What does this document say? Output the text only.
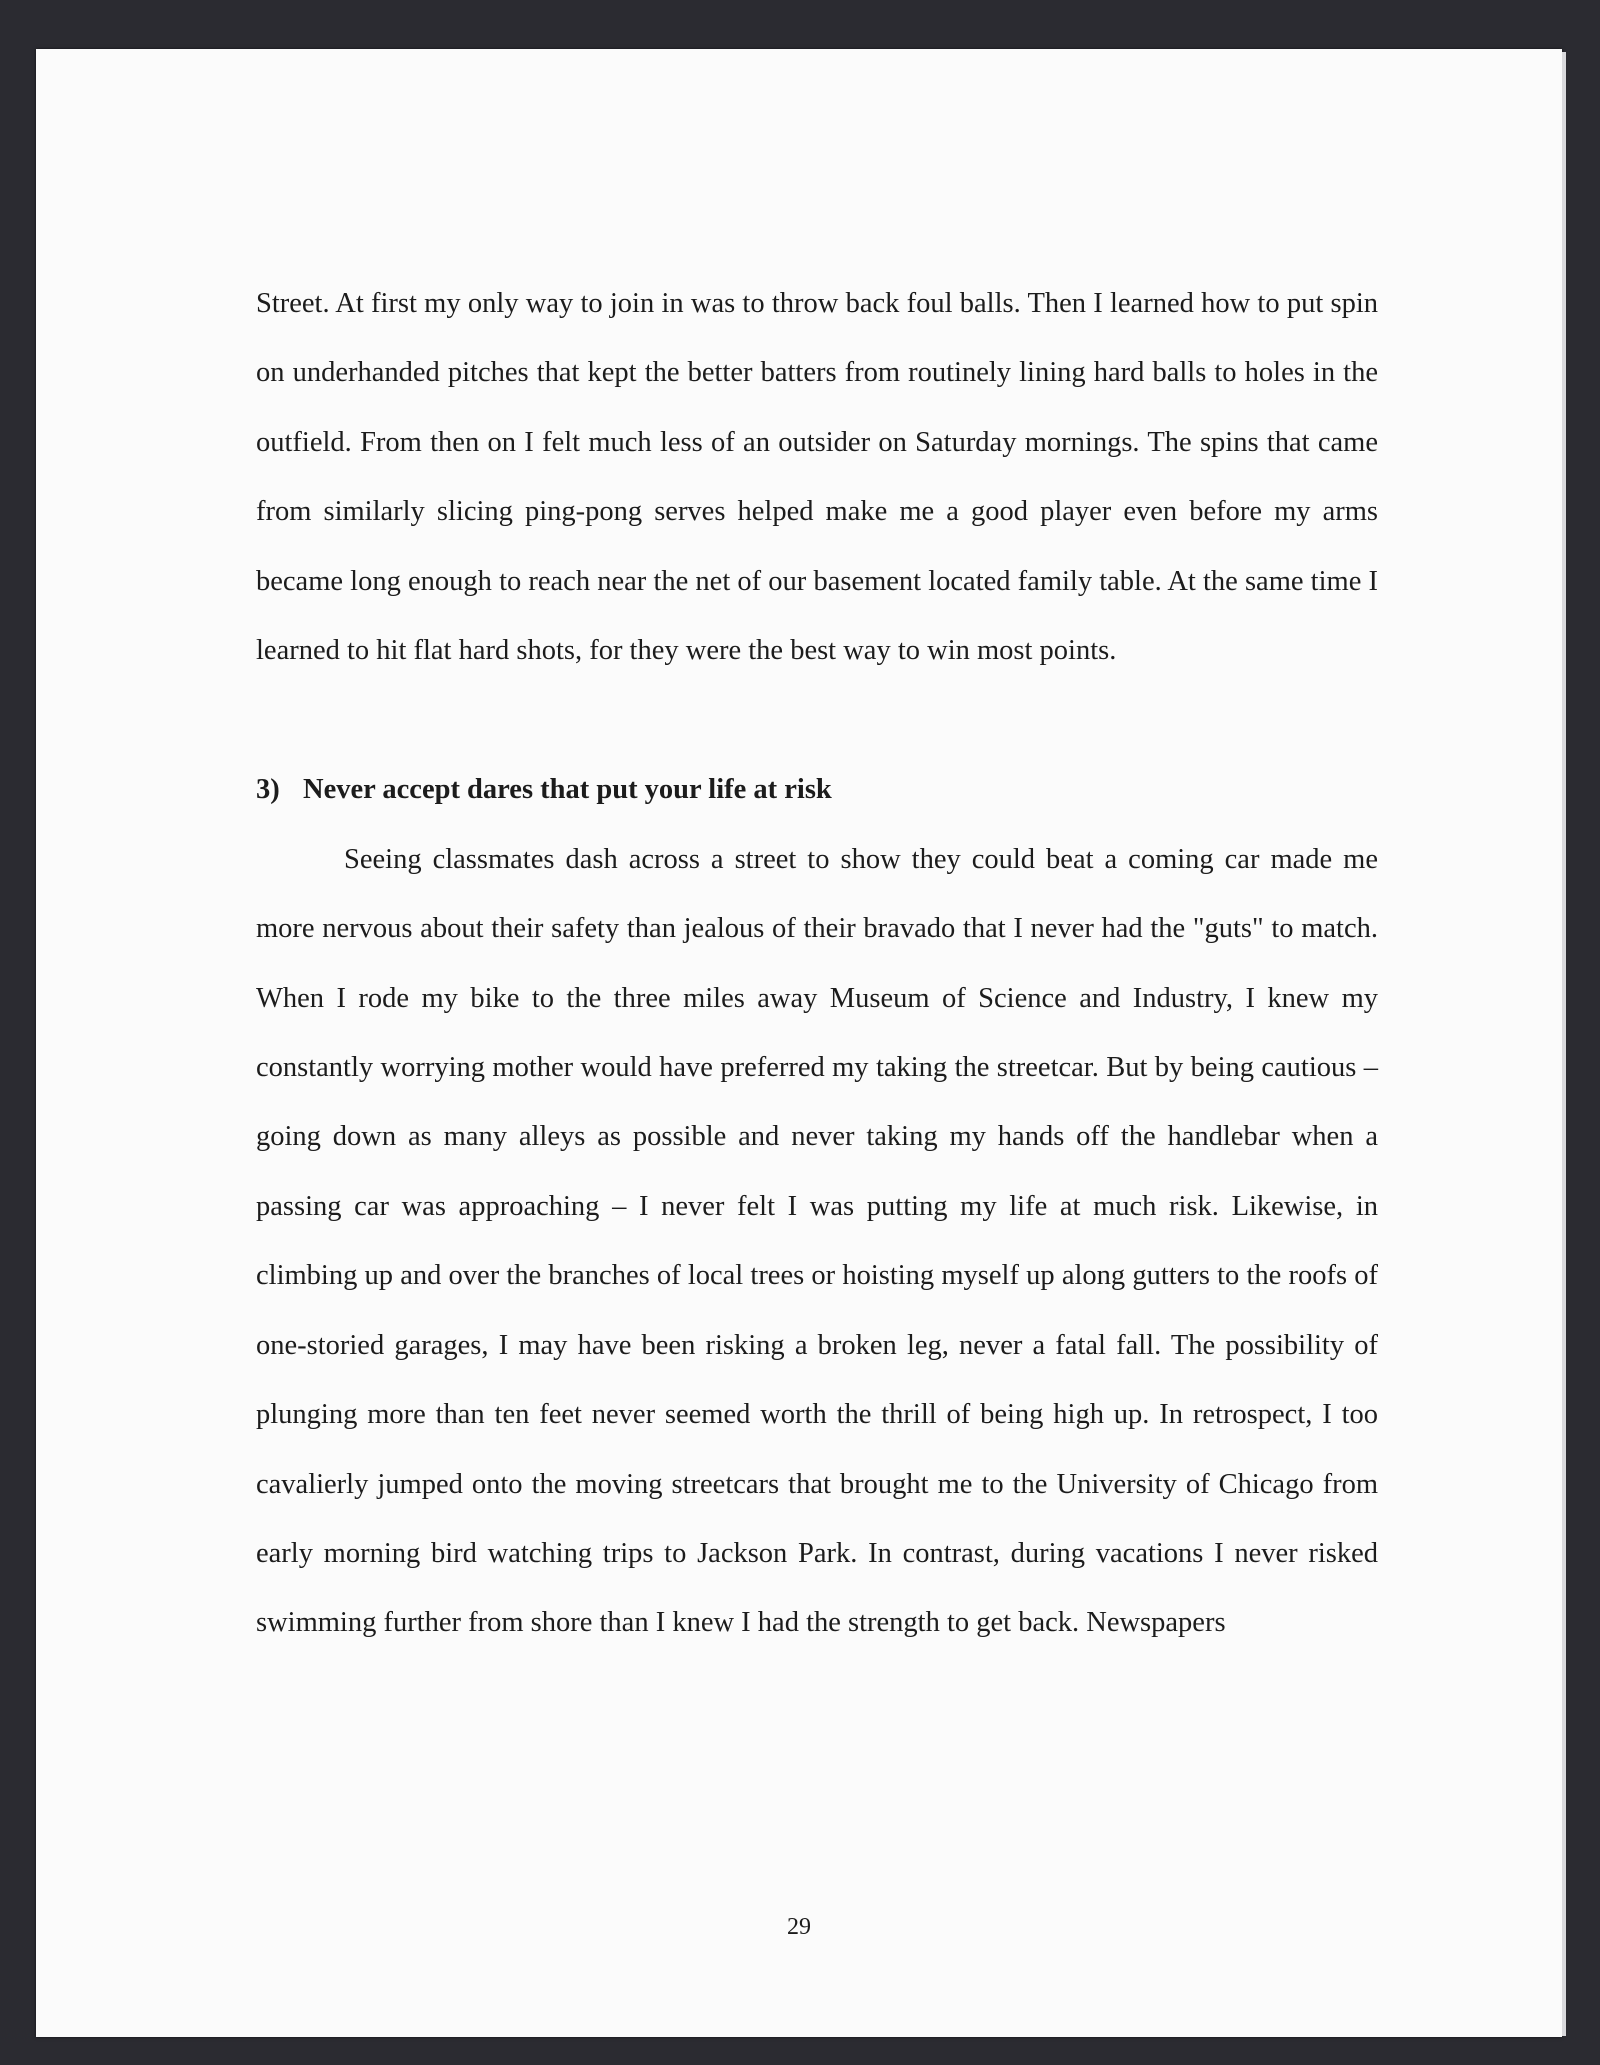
Street. At first my only way to join in was to throw back foul balls. Then I learned how to put spin on underhanded pitches that kept the better batters from routinely lining hard balls to holes in the outfield. From then on I felt much less of an outsider on Saturday mornings. The spins that came from similarly slicing ping-pong serves helped make me a good player even before my arms became long enough to reach near the net of our basement located family table. At the same time I learned to hit flat hard shots, for they were the best way to win most points.

3) Never accept dares that put your life at risk

Seeing classmates dash across a street to show they could beat a coming car made me more nervous about their safety than jealous of their bravado that I never had the "guts" to match. When I rode my bike to the three miles away Museum of Science and Industry, I knew my constantly worrying mother would have preferred my taking the streetcar. But by being cautious – going down as many alleys as possible and never taking my hands off the handlebar when a passing car was approaching – I never felt I was putting my life at much risk. Likewise, in climbing up and over the branches of local trees or hoisting myself up along gutters to the roofs of one-storied garages, I may have been risking a broken leg, never a fatal fall. The possibility of plunging more than ten feet never seemed worth the thrill of being high up. In retrospect, I too cavalierly jumped onto the moving streetcars that brought me to the University of Chicago from early morning bird watching trips to Jackson Park. In contrast, during vacations I never risked swimming further from shore than I knew I had the strength to get back. Newspapers

29
